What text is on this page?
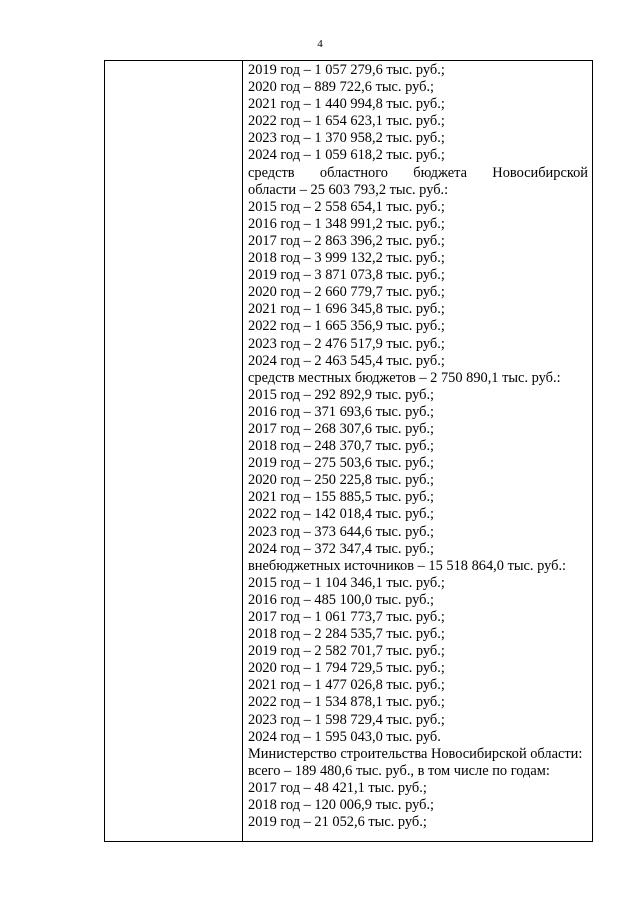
4

2019 год – 1 057 279,6 тыс. руб.;
2020 год – 889 722,6 тыс. руб.;
2021 год – 1 440 994,8 тыс. руб.;
2022 год – 1 654 623,1 тыс. руб.;
2023 год – 1 370 958,2 тыс. руб.;
2024 год – 1 059 618,2 тыс. руб.;
средств областного бюджета Новосибирской
области – 25 603 793,2 тыс. руб.:
2015 год – 2 558 654,1 тыс. руб.;
2016 год – 1 348 991,2 тыс. руб.;
2017 год – 2 863 396,2 тыс. руб.;
2018 год – 3 999 132,2 тыс. руб.;
2019 год – 3 871 073,8 тыс. руб.;
2020 год – 2 660 779,7 тыс. руб.;
2021 год – 1 696 345,8 тыс. руб.;
2022 год – 1 665 356,9 тыс. руб.;
2023 год – 2 476 517,9 тыс. руб.;
2024 год – 2 463 545,4 тыс. руб.;
средств местных бюджетов – 2 750 890,1 тыс. руб.:
2015 год – 292 892,9 тыс. руб.;
2016 год – 371 693,6 тыс. руб.;
2017 год – 268 307,6 тыс. руб.;
2018 год – 248 370,7 тыс. руб.;
2019 год – 275 503,6 тыс. руб.;
2020 год – 250 225,8 тыс. руб.;
2021 год – 155 885,5 тыс. руб.;
2022 год – 142 018,4 тыс. руб.;
2023 год – 373 644,6 тыс. руб.;
2024 год – 372 347,4 тыс. руб.;
внебюджетных источников – 15 518 864,0 тыс. руб.:
2015 год – 1 104 346,1 тыс. руб.;
2016 год – 485 100,0 тыс. руб.;
2017 год – 1 061 773,7 тыс. руб.;
2018 год – 2 284 535,7 тыс. руб.;
2019 год – 2 582 701,7 тыс. руб.;
2020 год – 1 794 729,5 тыс. руб.;
2021 год – 1 477 026,8 тыс. руб.;
2022 год – 1 534 878,1 тыс. руб.;
2023 год – 1 598 729,4 тыс. руб.;
2024 год – 1 595 043,0 тыс. руб.
Министерство строительства Новосибирской области:
всего – 189 480,6 тыс. руб., в том числе по годам:
2017 год – 48 421,1 тыс. руб.;
2018 год – 120 006,9 тыс. руб.;
2019 год – 21 052,6 тыс. руб.;
